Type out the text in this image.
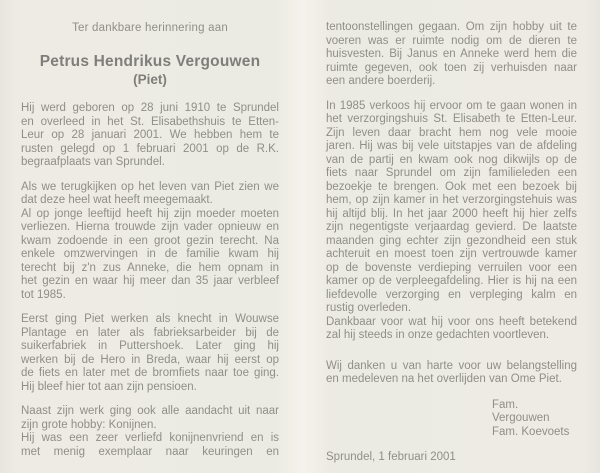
Ter dankbare herinnering aan
Petrus Hendrikus Vergouwen
(Piet)
Hij werd geboren op 28 juni 1910 te Sprundel
en overleed in het St. Elisabethshuis te Etten-
Leur op 28 januari 2001. We hebben hem te
rusten gelegd op 1 februari 2001 op de R.K.
begraafplaats van Sprundel.
Als we terugkijken op het leven van Piet zien we
dat deze heel wat heeft meegemaakt.
Al op jonge leeftijd heeft hij zijn moeder moeten
verliezen. Hierna trouwde zijn vader opnieuw en
kwam zodoende in een groot gezin terecht. Na
enkele omzwervingen in de familie kwam hij
terecht bij z'n zus Anneke, die hem opnam in
het gezin en waar hij meer dan 35 jaar verbleef
tot 1985.
Eerst ging Piet werken als knecht in Wouwse
Plantage en later als fabrieksarbeider bij de
suikerfabriek in Puttershoek. Later ging hij
werken bij de Hero in Breda, waar hij eerst op
de fiets en later met de bromfiets naar toe ging.
Hij bleef hier tot aan zijn pensioen.
Naast zijn werk ging ook alle aandacht uit naar
zijn grote hobby: Konijnen.
Hij was een zeer verliefd konijnenvriend en is
met menig exemplaar naar keuringen en
tentoonstellingen gegaan. Om zijn hobby uit te
voeren was er ruimte nodig om de dieren te
huisvesten. Bij Janus en Anneke werd hem die
ruimte gegeven, ook toen zij verhuisden naar
een andere boerderij.
In 1985 verkoos hij ervoor om te gaan wonen in
het verzorgingshuis St. Elisabeth te Etten-Leur.
Zijn leven daar bracht hem nog vele mooie
jaren. Hij was bij vele uitstapjes van de afdeling
van de partij en kwam ook nog dikwijls op de
fiets naar Sprundel om zijn familieleden een
bezoekje te brengen. Ook met een bezoek bij
hem, op zijn kamer in het verzorgingstehuis was
hij altijd blij. In het jaar 2000 heeft hij hier zelfs
zijn negentigste verjaardag gevierd. De laatste
maanden ging echter zijn gezondheid een stuk
achteruit en moest toen zijn vertrouwde kamer
op de bovenste verdieping verruilen voor een
kamer op de verpleegafdeling. Hier is hij na een
liefdevolle verzorging en verpleging kalm en
rustig overleden.
Dankbaar voor wat hij voor ons heeft betekend
zal hij steeds in onze gedachten voortleven.
Wij danken u van harte voor uw belangstelling
en medeleven na het overlijden van Ome Piet.
Fam. Vergouwen
Fam. Koevoets
Sprundel, 1 februari 2001
